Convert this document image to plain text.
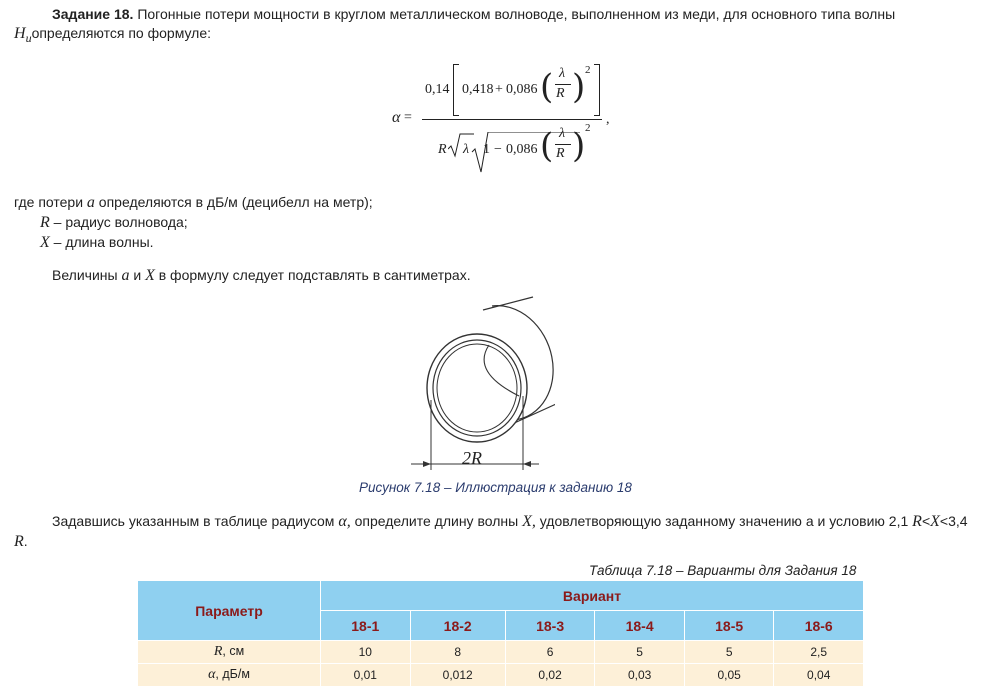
Задание 18. Погонные потери мощности в круглом металлическом волноводе, выполненном из меди, для основного типа волны
$H_uопределяются$ по формуле:
α =
0,14 0,418 + 0,086 ( λ
R ) 2
,
R λ 1 − 0,086 ( λ
R ) 2
где потери a определяются в дБ/м (децибелл на метр);
R – радиус волновода;
X – длина волны.
Величины a и X в формулу следует подставлять в сантиметрах.
2R
Рисунок 7.18 – Иллюстрация к заданию 18
Задавшись указанным в таблице радиусом α, определите длину волны X, удовлетворяющую заданному значению а и условию 2,1 R<X<3,4
R.
Таблица 7.18 – Варианты для Задания 18
Параметр	Вариант					
	18-1	18-2	18-3	18-4	18-5	18-6
R, см	10	8	6	5	5	2,5
α, дБ/м	0,01	0,012	0,02	0,03	0,05	0,04
